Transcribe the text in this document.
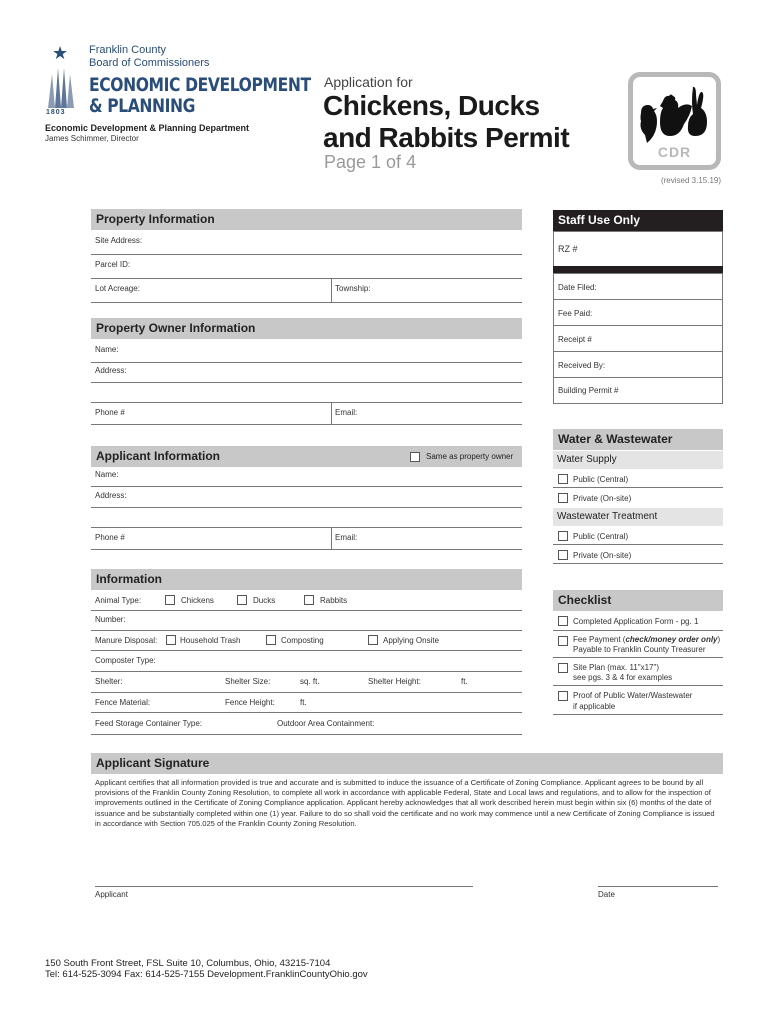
★
1803
Franklin County
Board of Commissioners
ECONOMIC DEVELOPMENT
& PLANNING
Economic Development & Planning Department
James Schimmer, Director
Application for
Chickens, Ducks
and Rabbits Permit
Page 1 of 4	CDR
(revised 3.15.19)
Property Information
Site Address:
Parcel ID:
Lot Acreage:	Township:
Property Owner Information
Name:
Address:
Phone #	Email:
Applicant Information	Same as property owner
Name:
Address:
Phone #	Email:
Information
Animal Type:	Chickens	Ducks	Rabbits
Number:
Manure Disposal:	Household Trash	Composting	Applying Onsite
Composter Type:
Shelter:	Shelter Size:	sq. ft.	Shelter Height:	ft.
Fence Material:	Fence Height:	ft.
Feed Storage Container Type:	Outdoor Area Containment:
Staff Use Only
RZ #
Date Filed:
Fee Paid:
Receipt #
Received By:
Building Permit #
Water & Wastewater
Water Supply
Public (Central)
Private (On-site)
Wastewater Treatment
Public (Central)
Private (On-site)
Checklist
Completed Application Form - pg. 1
Fee Payment (check/money order only)
Payable to Franklin County Treasurer
Site Plan (max. 11"x17")
see pgs. 3 & 4 for examples
Proof of Public Water/Wastewater
if applicable
Applicant Signature
Applicant certifies that all information provided is true and accurate and is submitted to induce the issuance of a Certificate of Zoning Compliance. Applicant agrees to be bound by all provisions of the Franklin County Zoning Resolution, to complete all work in accordance with applicable Federal, State and Local laws and regulations, and to allow for the inspection of improvements outlined in the Certificate of Zoning Compliance application. Applicant hereby acknowledges that all work described herein must begin within six (6) months of the date of issuance and be substantially completed within one (1) year. Failure to do so shall void the certificate and no work may commence until a new Certificate of Zoning Compliance is issued in accordance with Section 705.025 of the Franklin County Zoning Resolution.
Applicant	Date
150 South Front Street, FSL Suite 10, Columbus, Ohio, 43215-7104
Tel: 614-525-3094 Fax: 614-525-7155 Development.FranklinCountyOhio.gov
